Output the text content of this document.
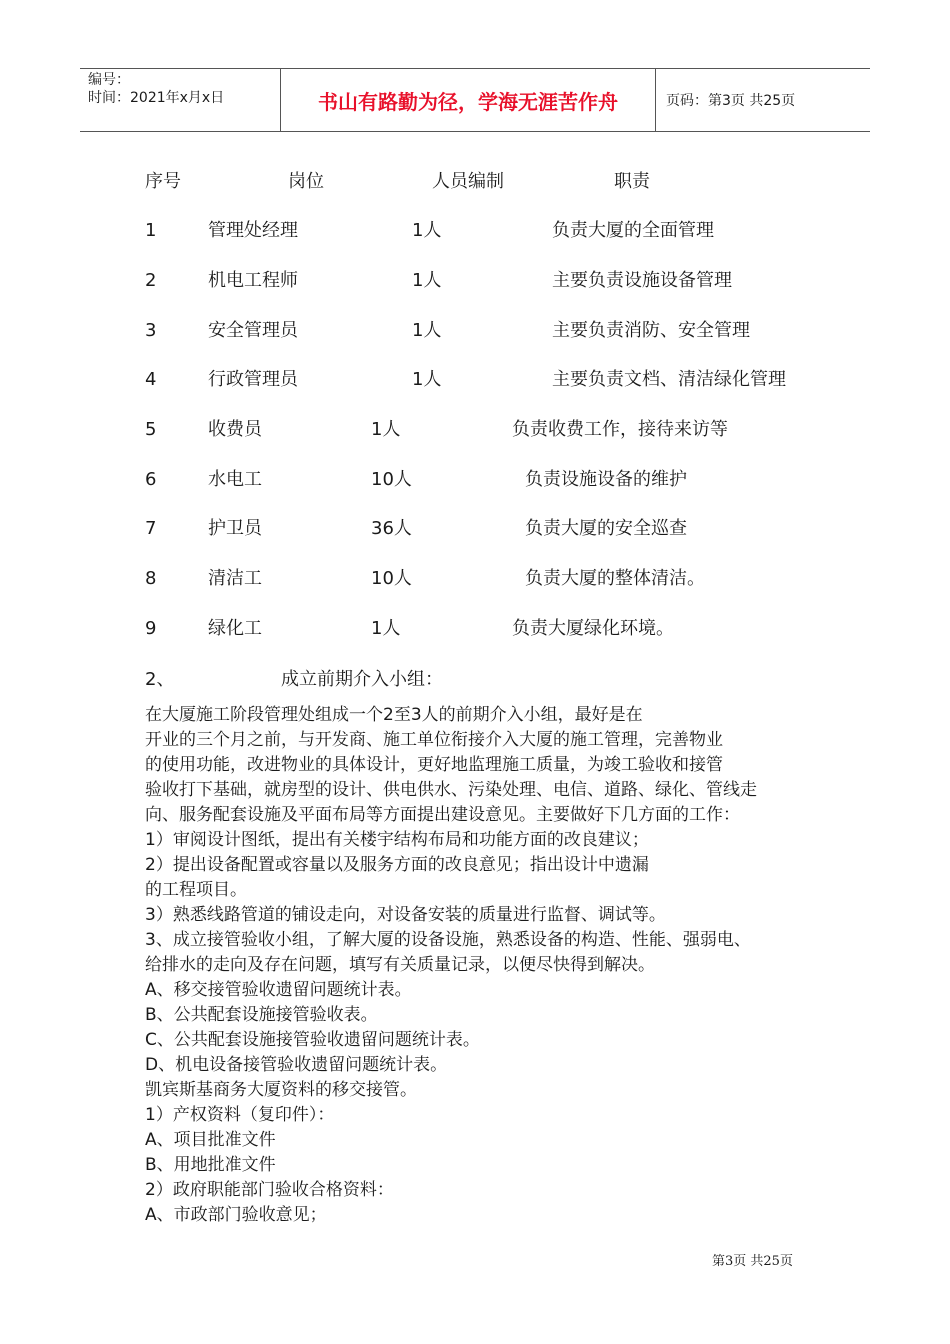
编号：
时间：2021年x月x日	书山有路勤为径，学海无涯苦作舟	页码：第3页 共25页
序号	岗位	人员编制	职责
1	管理处经理	1人	负责大厦的全面管理
2	机电工程师	1人	主要负责设施设备管理
3	安全管理员	1人	主要负责消防、安全管理
4	行政管理员	1人	主要负责文档、清洁绿化管理
5	收费员	1人	负责收费工作，接待来访等
6	水电工	10人	负责设施设备的维护
7	护卫员	36人	负责大厦的安全巡查
8	清洁工	10人	负责大厦的整体清洁。
9	绿化工	1人	负责大厦绿化环境。
2、	成立前期介入小组：
在大厦施工阶段管理处组成一个2至3人的前期介入小组，最好是在
开业的三个月之前，与开发商、施工单位衔接介入大厦的施工管理，完善物业
的使用功能，改进物业的具体设计，更好地监理施工质量，为竣工验收和接管
验收打下基础，就房型的设计、供电供水、污染处理、电信、道路、绿化、管线走
向、服务配套设施及平面布局等方面提出建设意见。主要做好下几方面的工作：
1）审阅设计图纸，提出有关楼宇结构布局和功能方面的改良建议；
2）提出设备配置或容量以及服务方面的改良意见；指出设计中遗漏
的工程项目。
3）熟悉线路管道的铺设走向，对设备安装的质量进行监督、调试等。
3、成立接管验收小组，了解大厦的设备设施，熟悉设备的构造、性能、强弱电、
给排水的走向及存在问题，填写有关质量记录，以便尽快得到解决。
A、移交接管验收遗留问题统计表。
B、公共配套设施接管验收表。
C、公共配套设施接管验收遗留问题统计表。
D、机电设备接管验收遗留问题统计表。
凯宾斯基商务大厦资料的移交接管。
1）产权资料（复印件）：
A、项目批准文件
B、用地批准文件
2）政府职能部门验收合格资料：
A、市政部门验收意见；
第3页 共25页
